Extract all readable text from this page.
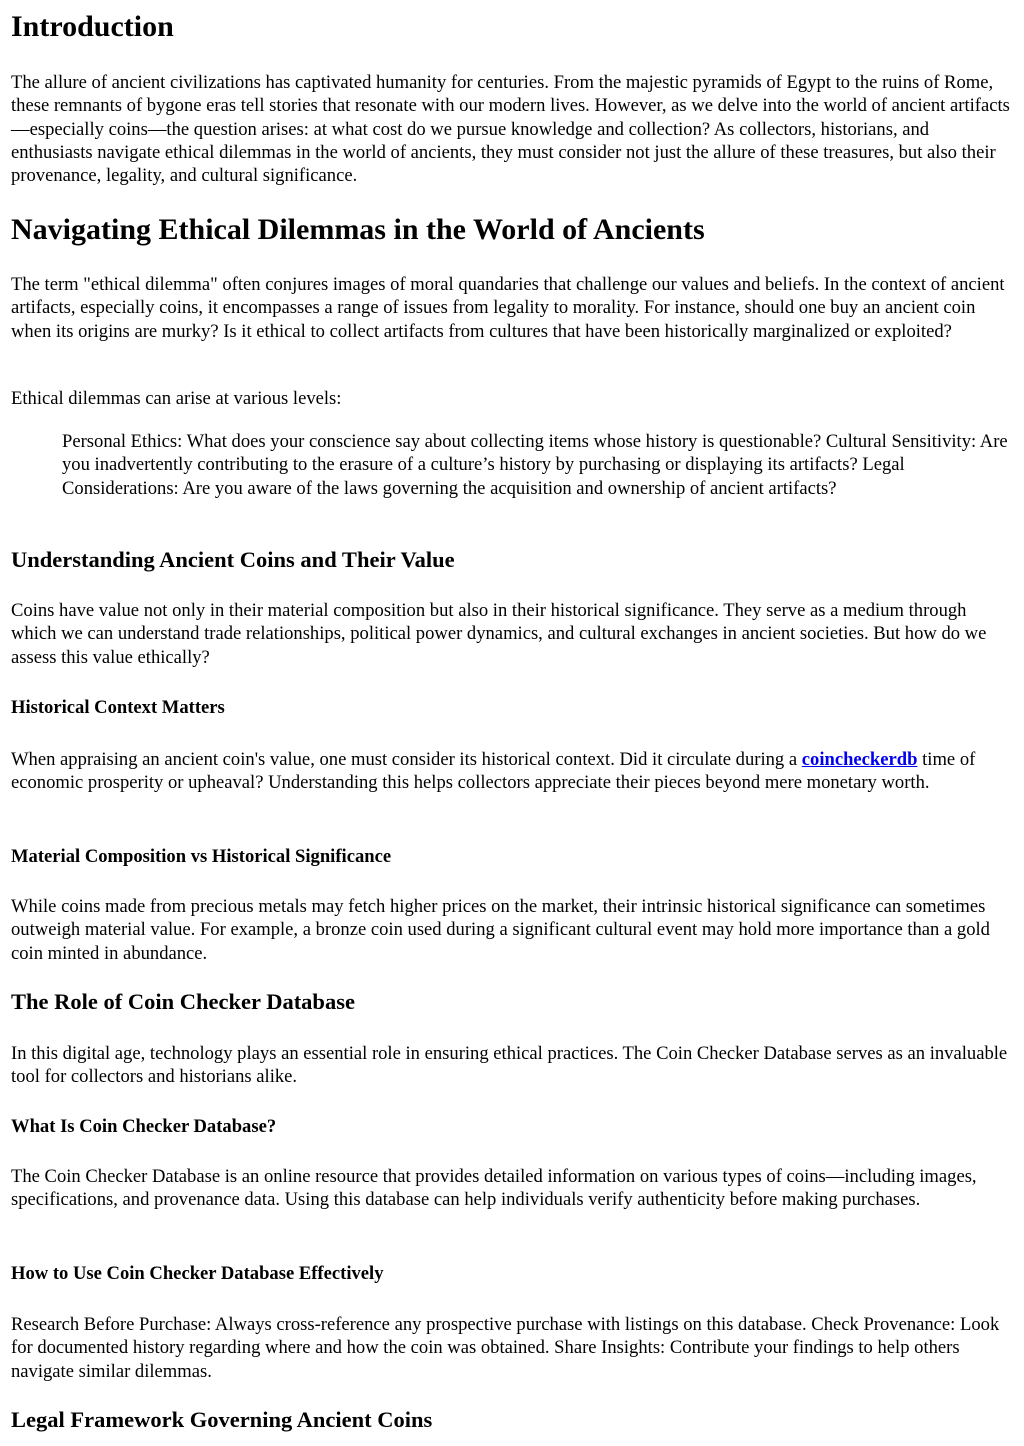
Introduction

The allure of ancient civilizations has captivated humanity for centuries. From the majestic pyramids of Egypt to the ruins of Rome, these remnants of bygone eras tell stories that resonate with our modern lives. However, as we delve into the world of ancient artifacts—especially coins—the question arises: at what cost do we pursue knowledge and collection? As collectors, historians, and enthusiasts navigate ethical dilemmas in the world of ancients, they must consider not just the allure of these treasures, but also their provenance, legality, and cultural significance.

Navigating Ethical Dilemmas in the World of Ancients

The term "ethical dilemma" often conjures images of moral quandaries that challenge our values and beliefs. In the context of ancient artifacts, especially coins, it encompasses a range of issues from legality to morality. For instance, should one buy an ancient coin when its origins are murky? Is it ethical to collect artifacts from cultures that have been historically marginalized or exploited?

Ethical dilemmas can arise at various levels:

Personal Ethics: What does your conscience say about collecting items whose history is questionable? Cultural Sensitivity: Are you inadvertently contributing to the erasure of a culture’s history by purchasing or displaying its artifacts? Legal Considerations: Are you aware of the laws governing the acquisition and ownership of ancient artifacts?
Understanding Ancient Coins and Their Value

Coins have value not only in their material composition but also in their historical significance. They serve as a medium through which we can understand trade relationships, political power dynamics, and cultural exchanges in ancient societies. But how do we assess this value ethically?

Historical Context Matters

When appraising an ancient coin's value, one must consider its historical context. Did it circulate during a coincheckerdb time of economic prosperity or upheaval? Understanding this helps collectors appreciate their pieces beyond mere monetary worth.

Material Composition vs Historical Significance

While coins made from precious metals may fetch higher prices on the market, their intrinsic historical significance can sometimes outweigh material value. For example, a bronze coin used during a significant cultural event may hold more importance than a gold coin minted in abundance.

The Role of Coin Checker Database

In this digital age, technology plays an essential role in ensuring ethical practices. The Coin Checker Database serves as an invaluable tool for collectors and historians alike.

What Is Coin Checker Database?

The Coin Checker Database is an online resource that provides detailed information on various types of coins—including images, specifications, and provenance data. Using this database can help individuals verify authenticity before making purchases.

How to Use Coin Checker Database Effectively

Research Before Purchase: Always cross-reference any prospective purchase with listings on this database. Check Provenance: Look for documented history regarding where and how the coin was obtained. Share Insights: Contribute your findings to help others navigate similar dilemmas.

Legal Framework Governing Ancient Coins
